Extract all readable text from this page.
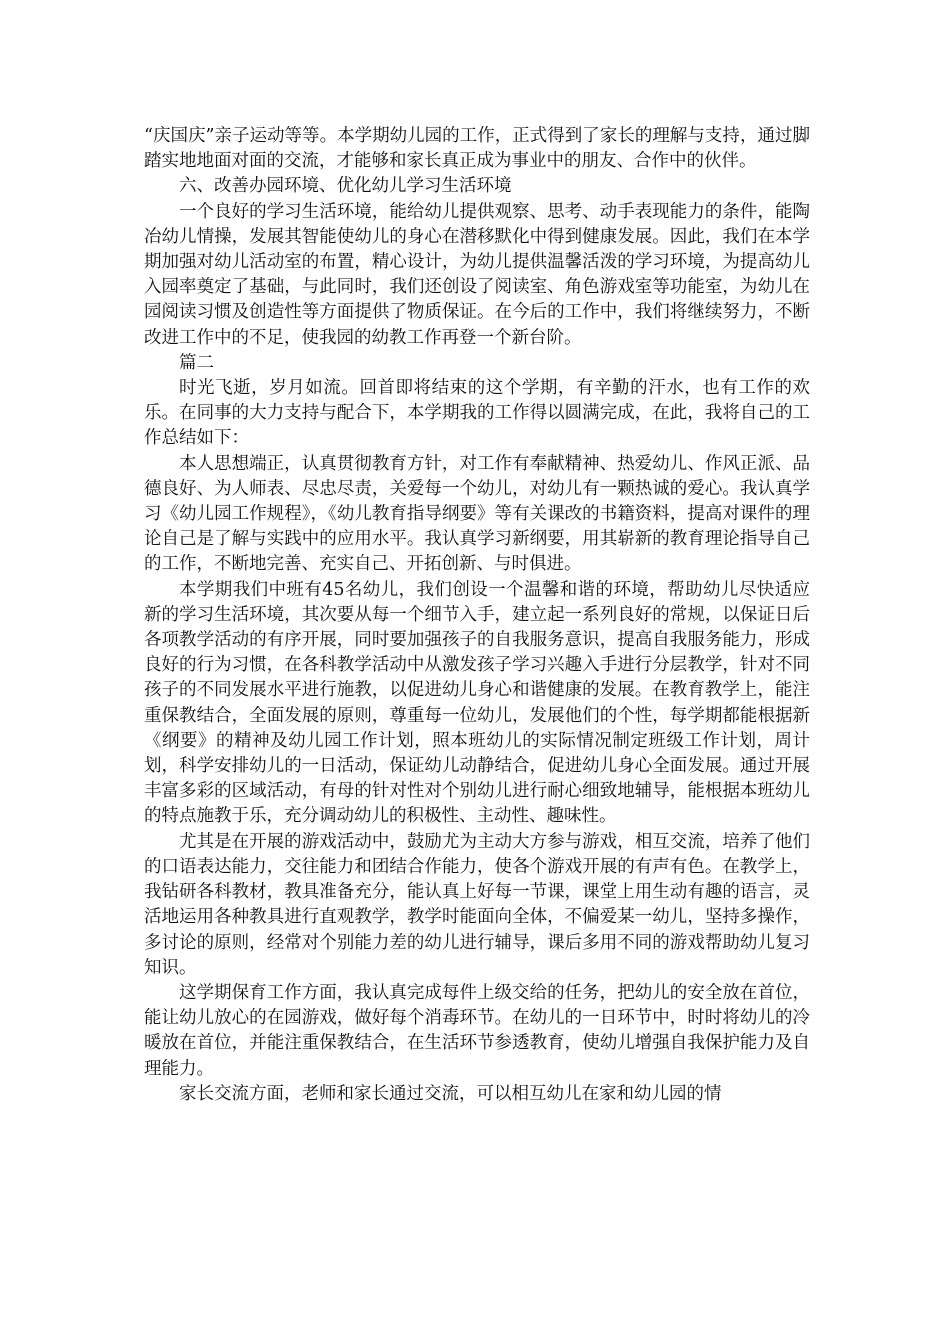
“庆国庆”亲子运动等等。本学期幼儿园的工作，正式得到了家长的理解与支持，通过脚踏实地地面对面的交流，才能够和家长真正成为事业中的朋友、合作中的伙伴。

六、改善办园环境、优化幼儿学习生活环境

一个良好的学习生活环境，能给幼儿提供观察、思考、动手表现能力的条件，能陶冶幼儿情操，发展其智能使幼儿的身心在潜移默化中得到健康发展。因此，我们在本学期加强对幼儿活动室的布置，精心设计，为幼儿提供温馨活泼的学习环境，为提高幼儿入园率奠定了基础，与此同时，我们还创设了阅读室、角色游戏室等功能室，为幼儿在园阅读习惯及创造性等方面提供了物质保证。在今后的工作中，我们将继续努力，不断改进工作中的不足，使我园的幼教工作再登一个新台阶。

篇二

时光飞逝，岁月如流。回首即将结束的这个学期，有辛勤的汗水，也有工作的欢乐。在同事的大力支持与配合下，本学期我的工作得以圆满完成，在此，我将自己的工作总结如下：

本人思想端正，认真贯彻教育方针，对工作有奉献精神、热爱幼儿、作风正派、品德良好、为人师表、尽忠尽责，关爱每一个幼儿，对幼儿有一颗热诚的爱心。我认真学习《幼儿园工作规程》，《幼儿教育指导纲要》等有关课改的书籍资料，提高对课件的理论自己是了解与实践中的应用水平。我认真学习新纲要，用其崭新的教育理论指导自己的工作，不断地完善、充实自己、开拓创新、与时俱进。

本学期我们中班有45名幼儿，我们创设一个温馨和谐的环境，帮助幼儿尽快适应新的学习生活环境，其次要从每一个细节入手，建立起一系列良好的常规，以保证日后各项教学活动的有序开展，同时要加强孩子的自我服务意识，提高自我服务能力，形成良好的行为习惯，在各科教学活动中从激发孩子学习兴趣入手进行分层教学，针对不同孩子的不同发展水平进行施教，以促进幼儿身心和谐健康的发展。在教育教学上，能注重保教结合，全面发展的原则，尊重每一位幼儿，发展他们的个性，每学期都能根据新《纲要》的精神及幼儿园工作计划，照本班幼儿的实际情况制定班级工作计划，周计划，科学安排幼儿的一日活动，保证幼儿动静结合，促进幼儿身心全面发展。通过开展丰富多彩的区域活动，有母的针对性对个别幼儿进行耐心细致地辅导，能根据本班幼儿的特点施教于乐，充分调动幼儿的积极性、主动性、趣味性。

尤其是在开展的游戏活动中，鼓励尤为主动大方参与游戏，相互交流，培养了他们的口语表达能力，交往能力和团结合作能力，使各个游戏开展的有声有色。在教学上，我钻研各科教材，教具准备充分，能认真上好每一节课，课堂上用生动有趣的语言，灵活地运用各种教具进行直观教学，教学时能面向全体，不偏爱某一幼儿，坚持多操作，多讨论的原则，经常对个别能力差的幼儿进行辅导，课后多用不同的游戏帮助幼儿复习知识。

这学期保育工作方面，我认真完成每件上级交给的任务，把幼儿的安全放在首位，能让幼儿放心的在园游戏，做好每个消毒环节。在幼儿的一日环节中，时时将幼儿的冷暖放在首位，并能注重保教结合，在生活环节参透教育，使幼儿增强自我保护能力及自理能力。

家长交流方面，老师和家长通过交流，可以相互幼儿在家和幼儿园的情
